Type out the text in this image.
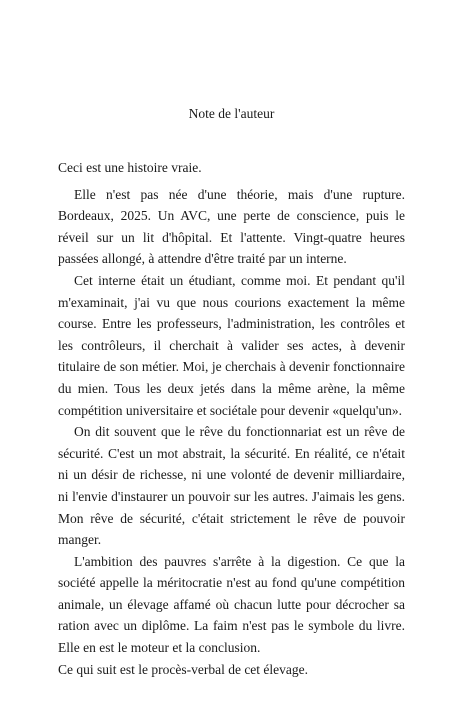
Note de l'auteur

Ceci est une histoire vraie.

Elle n'est pas née d'une théorie, mais d'une rupture. Bordeaux, 2025. Un AVC, une perte de conscience, puis le réveil sur un lit d'hôpital. Et l'attente. Vingt-quatre heures passées allongé, à attendre d'être traité par un interne.

Cet interne était un étudiant, comme moi. Et pendant qu'il m'examinait, j'ai vu que nous courions exactement la même course. Entre les professeurs, l'administration, les contrôles et les contrôleurs, il cherchait à valider ses actes, à devenir titulaire de son métier. Moi, je cherchais à devenir fonctionnaire du mien. Tous les deux jetés dans la même arène, la même compétition universitaire et sociétale pour devenir «quelqu'un».

On dit souvent que le rêve du fonctionnariat est un rêve de sécurité. C'est un mot abstrait, la sécurité. En réalité, ce n'était ni un désir de richesse, ni une volonté de devenir milliardaire, ni l'envie d'instaurer un pouvoir sur les autres. J'aimais les gens. Mon rêve de sécurité, c'était strictement le rêve de pouvoir manger.

L'ambition des pauvres s'arrête à la digestion. Ce que la société appelle la méritocratie n'est au fond qu'une compétition animale, un élevage affamé où chacun lutte pour décrocher sa ration avec un diplôme. La faim n'est pas le symbole du livre. Elle en est le moteur et la conclusion.

Ce qui suit est le procès-verbal de cet élevage.
